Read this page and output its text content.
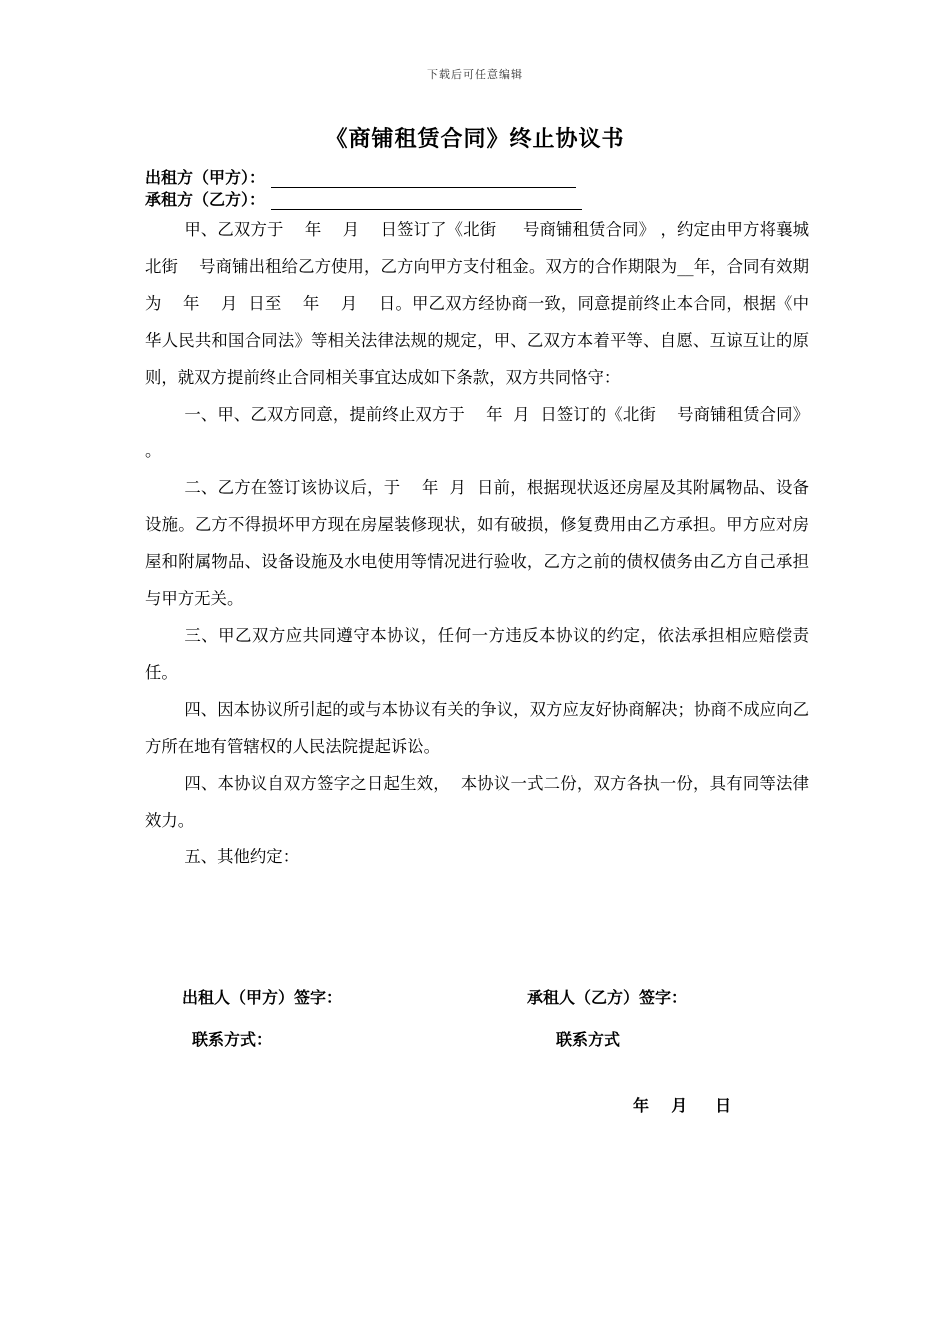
下载后可任意编辑
《商铺租赁合同》终止协议书
出租方（甲方）：
承租方（乙方）：

甲、乙双方于    年    月    日签订了《北街     号商铺租赁合同》 ，约定由甲方将襄城北街    号商铺出租给乙方使用，乙方向甲方支付租金。双方的合作期限为__年，合同有效期为    年    月  日至    年    月    日。甲乙双方经协商一致，同意提前终止本合同，根据《中华人民共和国合同法》等相关法律法规的规定，甲、乙双方本着平等、自愿、互谅互让的原则，就双方提前终止合同相关事宜达成如下条款，双方共同恪守：

一、甲、乙双方同意，提前终止双方于    年  月  日签订的《北街    号商铺租赁合同》 。

二、乙方在签订该协议后，于    年  月  日前，根据现状返还房屋及其附属物品、设备设施。乙方不得损坏甲方现在房屋装修现状，如有破损，修复费用由乙方承担。甲方应对房屋和附属物品、设备设施及水电使用等情况进行验收，乙方之前的债权债务由乙方自己承担与甲方无关。

三、甲乙双方应共同遵守本协议，任何一方违反本协议的约定，依法承担相应赔偿责任。

四、因本协议所引起的或与本协议有关的争议，双方应友好协商解决；协商不成应向乙方所在地有管辖权的人民法院提起诉讼。

四、本协议自双方签字之日起生效，  本协议一式二份，双方各执一份，具有同等法律效力。

五、其他约定：

出租人（甲方）签字：	承租人（乙方）签字：
联系方式：	联系方式
年    月     日
